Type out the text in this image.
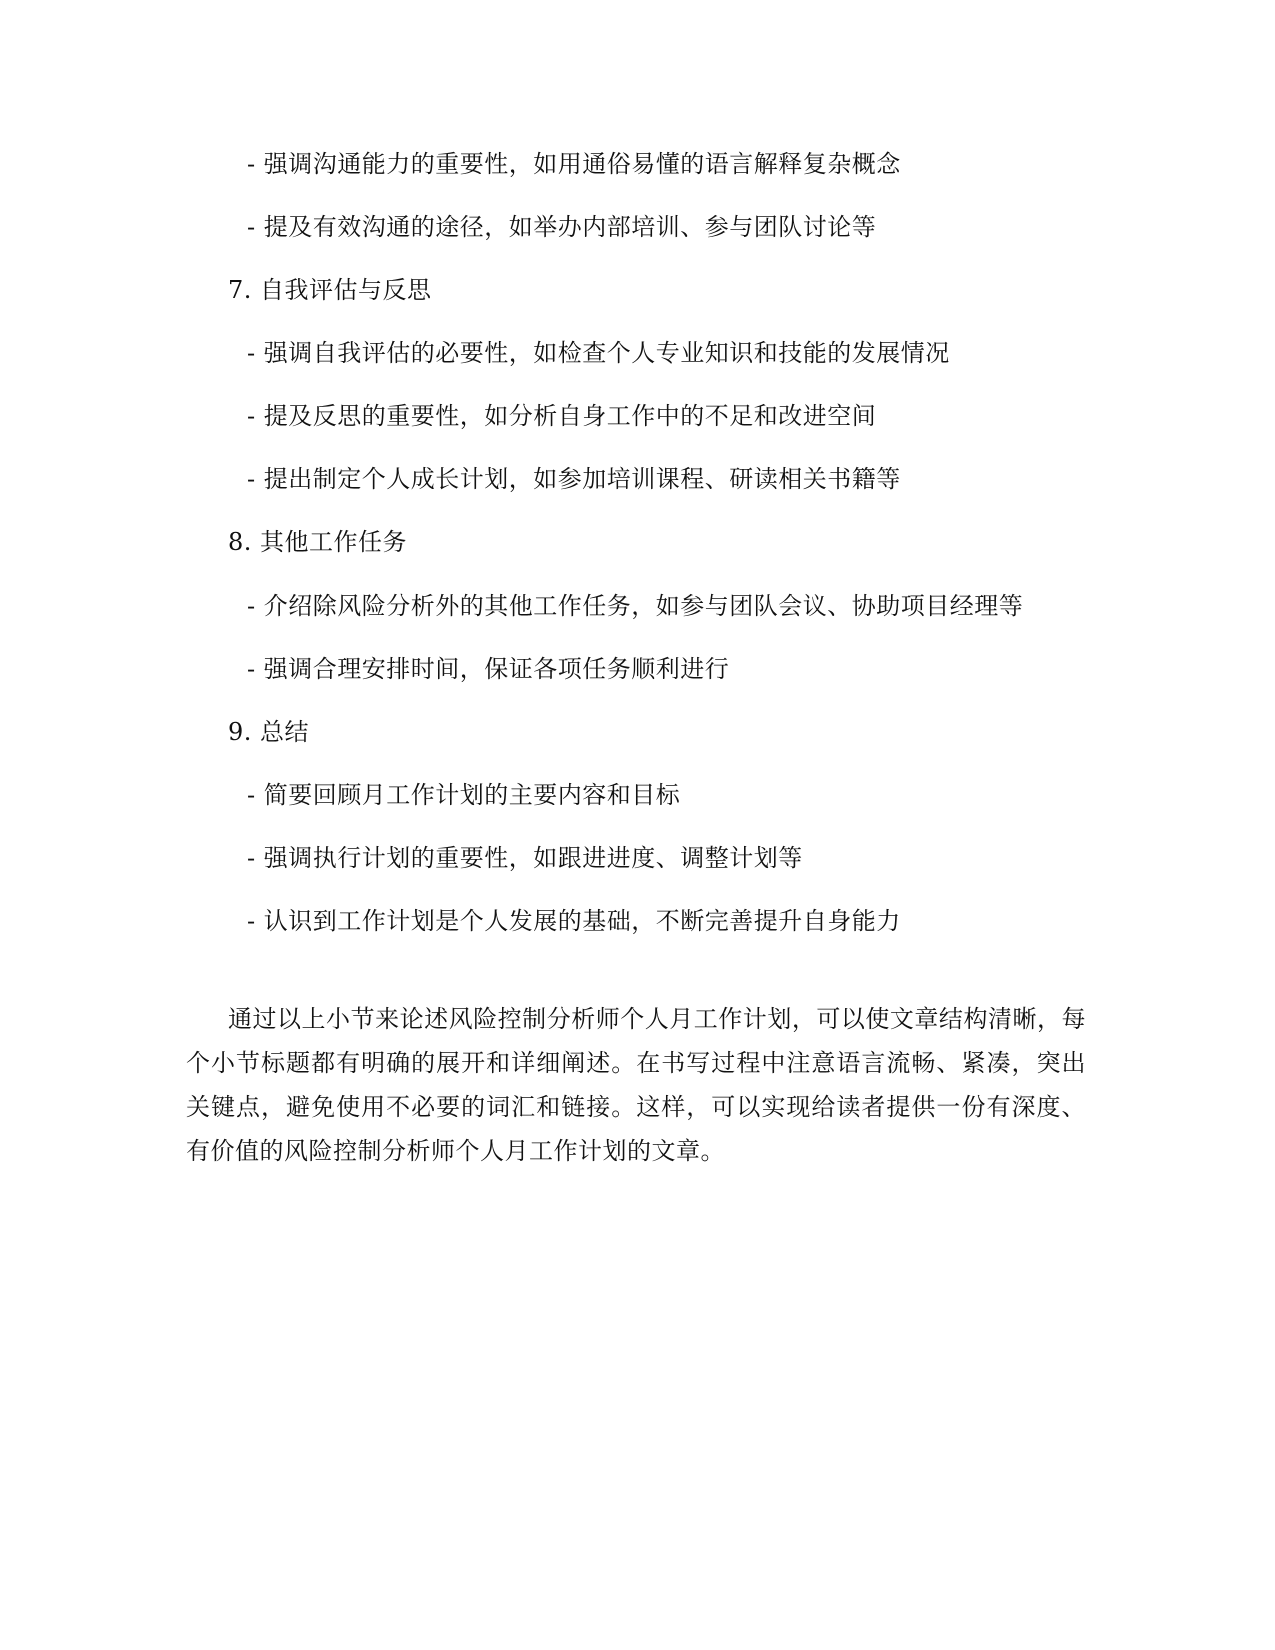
- 强调沟通能力的重要性，如用通俗易懂的语言解释复杂概念
- 提及有效沟通的途径，如举办内部培训、参与团队讨论等
7. 自我评估与反思
- 强调自我评估的必要性，如检查个人专业知识和技能的发展情况
- 提及反思的重要性，如分析自身工作中的不足和改进空间
- 提出制定个人成长计划，如参加培训课程、研读相关书籍等
8. 其他工作任务
- 介绍除风险分析外的其他工作任务，如参与团队会议、协助项目经理等
- 强调合理安排时间，保证各项任务顺利进行
9. 总结
- 简要回顾月工作计划的主要内容和目标
- 强调执行计划的重要性，如跟进进度、调整计划等
- 认识到工作计划是个人发展的基础，不断完善提升自身能力
通过以上小节来论述风险控制分析师个人月工作计划，可以使文章结构清晰，每个小节标题都有明确的展开和详细阐述。在书写过程中注意语言流畅、紧凑，突出关键点，避免使用不必要的词汇和链接。这样，可以实现给读者提供一份有深度、有价值的风险控制分析师个人月工作计划的文章。
